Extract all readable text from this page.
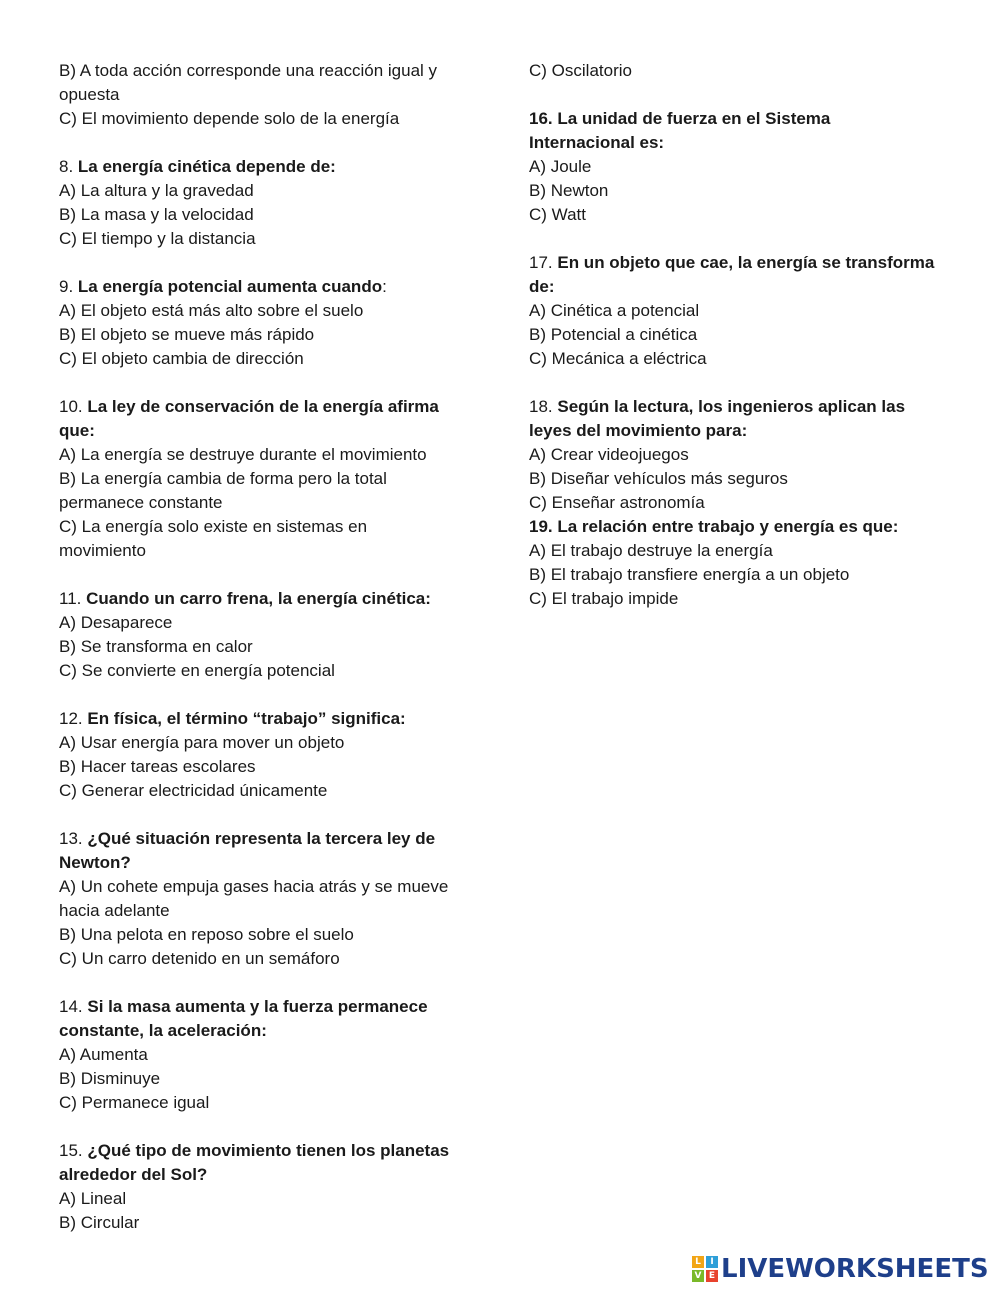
B) A toda acción corresponde una reacción igual y
opuesta
C) El movimiento depende solo de la energía
8. La energía cinética depende de:
A) La altura y la gravedad
B) La masa y la velocidad
C) El tiempo y la distancia
9. La energía potencial aumenta cuando:
A) El objeto está más alto sobre el suelo
B) El objeto se mueve más rápido
C) El objeto cambia de dirección
10. La ley de conservación de la energía afirma
que:
A) La energía se destruye durante el movimiento
B) La energía cambia de forma pero la total
permanece constante
C) La energía solo existe en sistemas en
movimiento
11. Cuando un carro frena, la energía cinética:
A) Desaparece
B) Se transforma en calor
C) Se convierte en energía potencial
12. En física, el término “trabajo” significa:
A) Usar energía para mover un objeto
B) Hacer tareas escolares
C) Generar electricidad únicamente
13. ¿Qué situación representa la tercera ley de
Newton?
A) Un cohete empuja gases hacia atrás y se mueve
hacia adelante
B) Una pelota en reposo sobre el suelo
C) Un carro detenido en un semáforo
14. Si la masa aumenta y la fuerza permanece
constante, la aceleración:
A) Aumenta
B) Disminuye
C) Permanece igual
15. ¿Qué tipo de movimiento tienen los planetas
alrededor del Sol?
A) Lineal
B) Circular
C) Oscilatorio
16. La unidad de fuerza en el Sistema
Internacional es:
A) Joule
B) Newton
C) Watt
17. En un objeto que cae, la energía se transforma
de:
A) Cinética a potencial
B) Potencial a cinética
C) Mecánica a eléctrica
18. Según la lectura, los ingenieros aplican las
leyes del movimiento para:
A) Crear videojuegos
B) Diseñar vehículos más seguros
C) Enseñar astronomía
19. La relación entre trabajo y energía es que:
A) El trabajo destruye la energía
B) El trabajo transfiere energía a un objeto
C) El trabajo impide
L	I
V E LIVEWORKSHEETS
